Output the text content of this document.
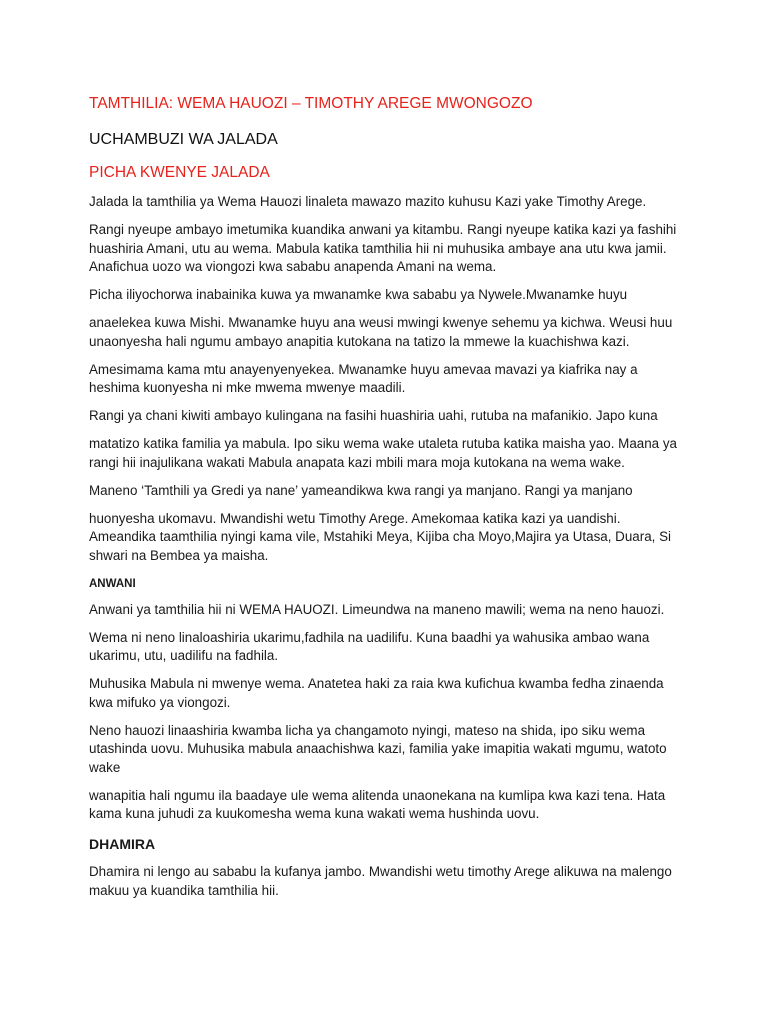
TAMTHILIA: WEMA HAUOZI – TIMOTHY AREGE MWONGOZO
UCHAMBUZI WA JALADA
PICHA KWENYE JALADA

Jalada la tamthilia ya Wema Hauozi linaleta mawazo mazito kuhusu Kazi yake Timothy Arege.

Rangi nyeupe ambayo imetumika kuandika anwani ya kitambu. Rangi nyeupe katika kazi ya fashihi huashiria Amani, utu au wema. Mabula katika tamthilia hii ni muhusika ambaye ana utu kwa jamii. Anafichua uozo wa viongozi kwa sababu anapenda Amani na wema.

Picha iliyochorwa inabainika kuwa ya mwanamke kwa sababu ya Nywele.Mwanamke huyu

anaelekea kuwa Mishi. Mwanamke huyu ana weusi mwingi kwenye sehemu ya kichwa. Weusi huu unaonyesha hali ngumu ambayo anapitia kutokana na tatizo la mmewe la kuachishwa kazi.

Amesimama kama mtu anayenyenyekea. Mwanamke huyu amevaa mavazi ya kiafrika nay a heshima kuonyesha ni mke mwema mwenye maadili.

Rangi ya chani kiwiti ambayo kulingana na fasihi huashiria uahi, rutuba na mafanikio. Japo kuna

matatizo katika familia ya mabula. Ipo siku wema wake utaleta rutuba katika maisha yao. Maana ya rangi hii inajulikana wakati Mabula anapata kazi mbili mara moja kutokana na wema wake.

Maneno ‘Tamthili ya Gredi ya nane’ yameandikwa kwa rangi ya manjano. Rangi ya manjano

huonyesha ukomavu. Mwandishi wetu Timothy Arege. Amekomaa katika kazi ya uandishi. Ameandika taamthilia nyingi kama vile, Mstahiki Meya, Kijiba cha Moyo,Majira ya Utasa, Duara, Si shwari na Bembea ya maisha.

ANWANI

Anwani ya tamthilia hii ni WEMA HAUOZI. Limeundwa na maneno mawili; wema na neno hauozi.

Wema ni neno linaloashiria ukarimu,fadhila na uadilifu. Kuna baadhi ya wahusika ambao wana ukarimu, utu, uadilifu na fadhila.

Muhusika Mabula ni mwenye wema. Anatetea haki za raia kwa kufichua kwamba fedha zinaenda kwa mifuko ya viongozi.

Neno hauozi linaashiria kwamba licha ya changamoto nyingi, mateso na shida, ipo siku wema utashinda uovu. Muhusika mabula anaachishwa kazi, familia yake imapitia wakati mgumu, watoto wake

wanapitia hali ngumu ila baadaye ule wema alitenda unaonekana na kumlipa kwa kazi tena. Hata kama kuna juhudi za kuukomesha wema kuna wakati wema hushinda uovu.

DHAMIRA

Dhamira ni lengo au sababu la kufanya jambo. Mwandishi wetu timothy Arege alikuwa na malengo makuu ya kuandika tamthilia hii.
